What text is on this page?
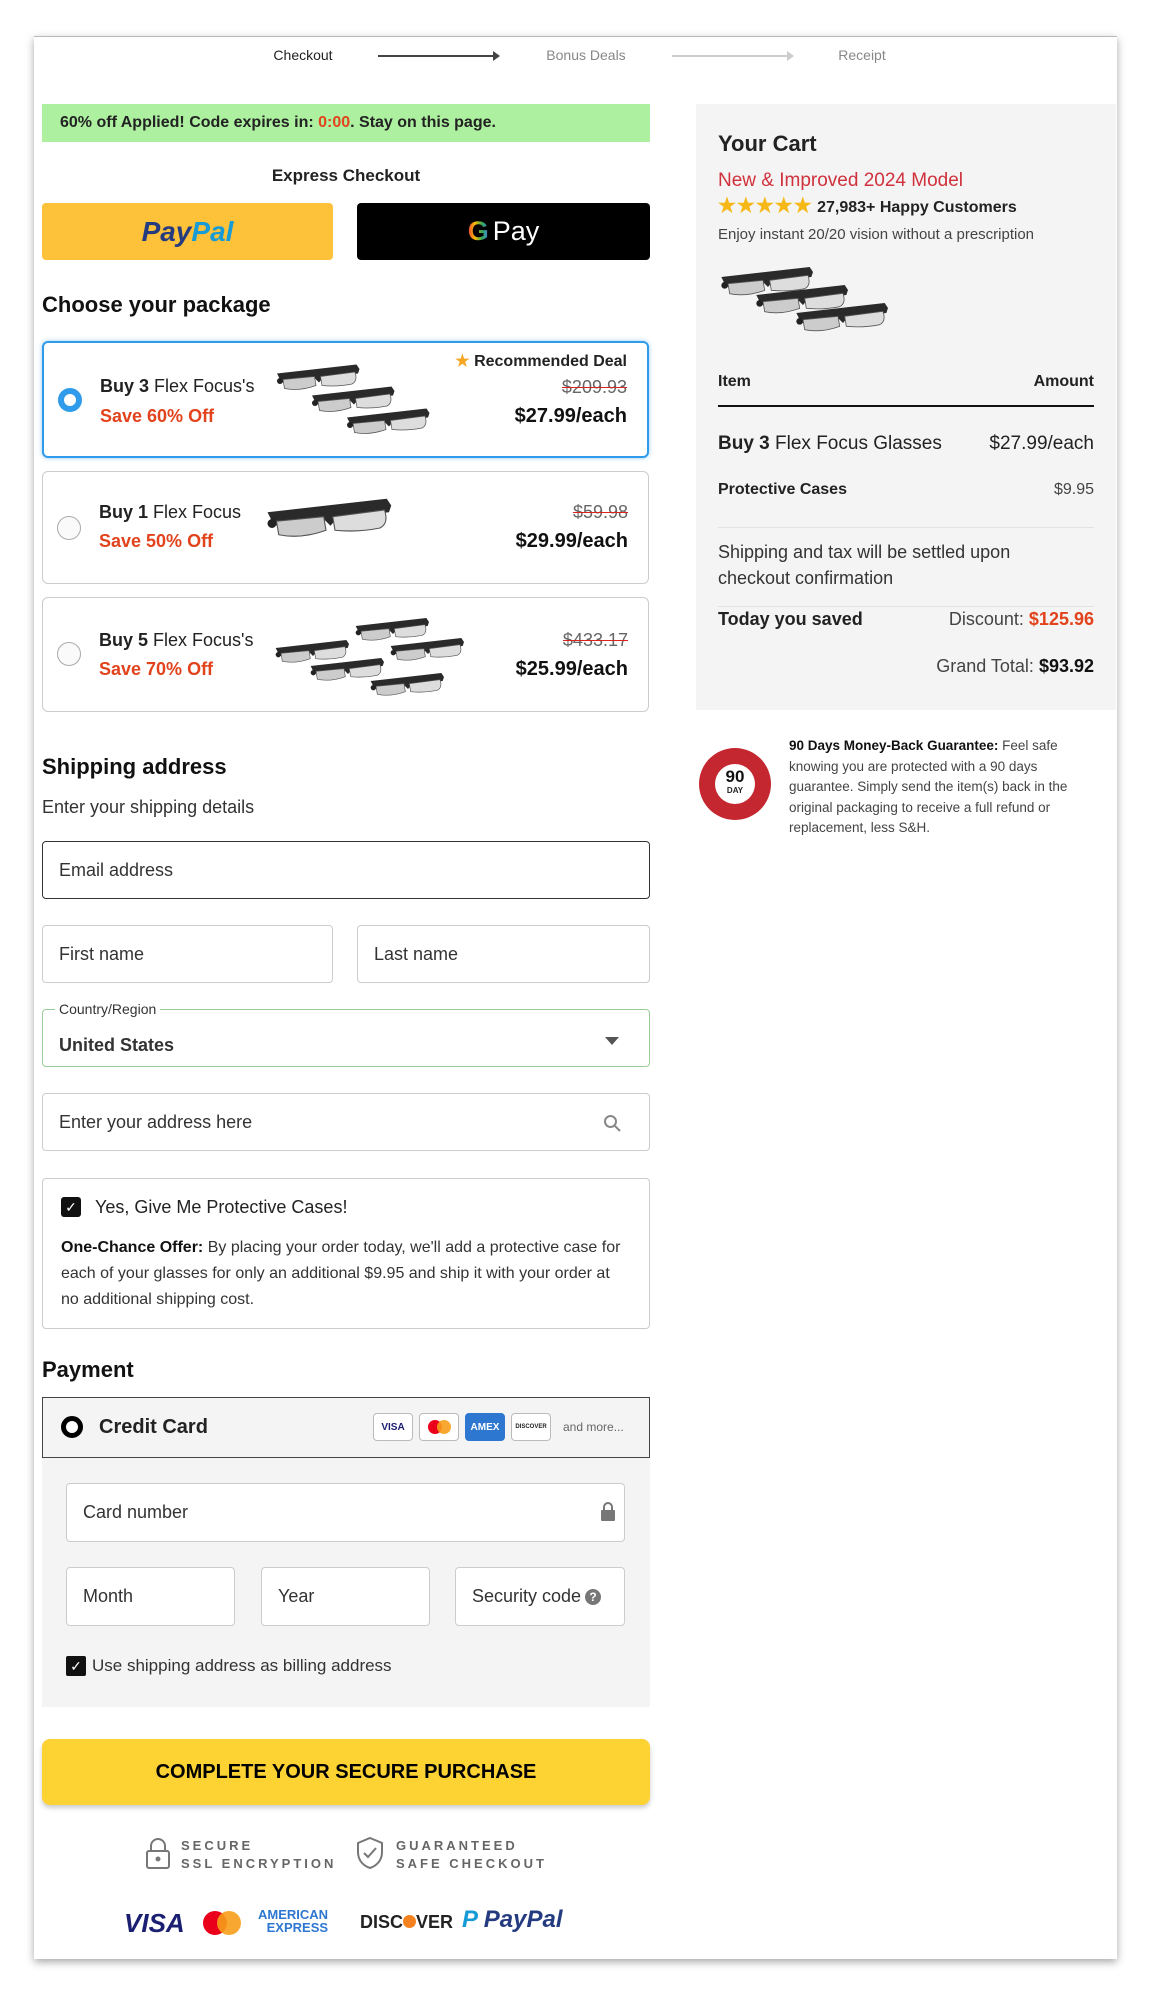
Checkout	Bonus Deals	Receipt
60% off Applied! Code expires in: 0:00. Stay on this page.
Express Checkout
Pay Pal	G Pay
Choose your package
Buy 3 Flex Focus's
Save 60% Off
★ Recommended Deal
$209.93
$27.99/each
Buy 1 Flex Focus
Save 50% Off
$59.98
$29.99/each
Buy 5 Flex Focus's
Save 70% Off
$433.17
$25.99/each
Shipping address
Enter your shipping details
Email address
First name	Last name
Country/Region
United States
Enter your address here
✓ Yes, Give Me Protective Cases!
One-Chance Offer: By placing your order today, we'll add a protective case for each of your glasses for only an additional $9.95 and ship it with your order at no additional shipping cost.
Payment
Credit Card	VISA	AMEX	DISCOVER	and more...
Card number
Month	Year	Security code ?
✓ Use shipping address as billing address
COMPLETE YOUR SECURE PURCHASE
SECURE
SSL ENCRYPTION
GUARANTEED
SAFE CHECKOUT
VISA	AMERICAN
EXPRESS DISC VER P PayPal
Your Cart
New & Improved 2024 Model
★★★★★ 27,983+ Happy Customers
Enjoy instant 20/20 vision without a prescription
Item	Amount
Buy 3 Flex Focus Glasses	$27.99/each
Protective Cases	$9.95
Shipping and tax will be settled upon checkout confirmation
Today you saved	Discount: $125.96
Grand Total: $93.92
90
DAY
90 Days Money-Back Guarantee: Feel safe knowing you are protected with a 90 days guarantee. Simply send the item(s) back in the original packaging to receive a full refund or replacement, less S&H.
